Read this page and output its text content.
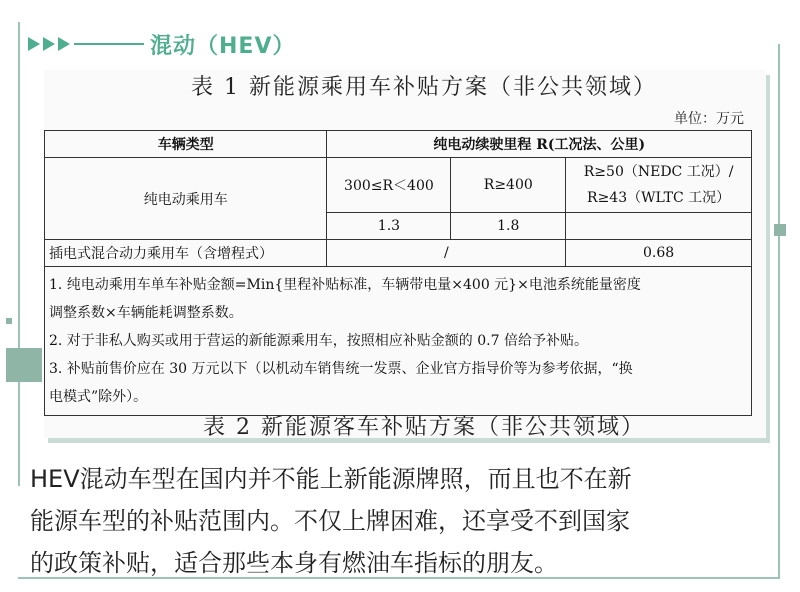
混动（HEV）
表 1 新能源乘用车补贴方案（非公共领域）
单位：万元
车辆类型	纯电动续驶里程 R(工况法、公里)		
纯电动乘用车	300≤R＜400	R≥400	R≥50（NEDC 工况）/
R≥43（WLTC 工况）

	1.3	1.8	
插电式混合动力乘用车（含增程式）	/		0.68

1. 纯电动乘用车单车补贴金额=Min{里程补贴标准，车辆带电量×400 元}×电池系统能量密度
调整系数×车辆能耗调整系数。
2. 对于非私人购买或用于营运的新能源乘用车，按照相应补贴金额的 0.7 倍给予补贴。
3. 补贴前售价应在 30 万元以下（以机动车销售统一发票、企业官方指导价等为参考依据，“换
电模式”除外）。			
表 2 新能源客车补贴方案（非公共领域）
HEV混动车型在国内并不能上新能源牌照，而且也不在新
能源车型的补贴范围内。不仅上牌困难，还享受不到国家
的政策补贴，适合那些本身有燃油车指标的朋友。
